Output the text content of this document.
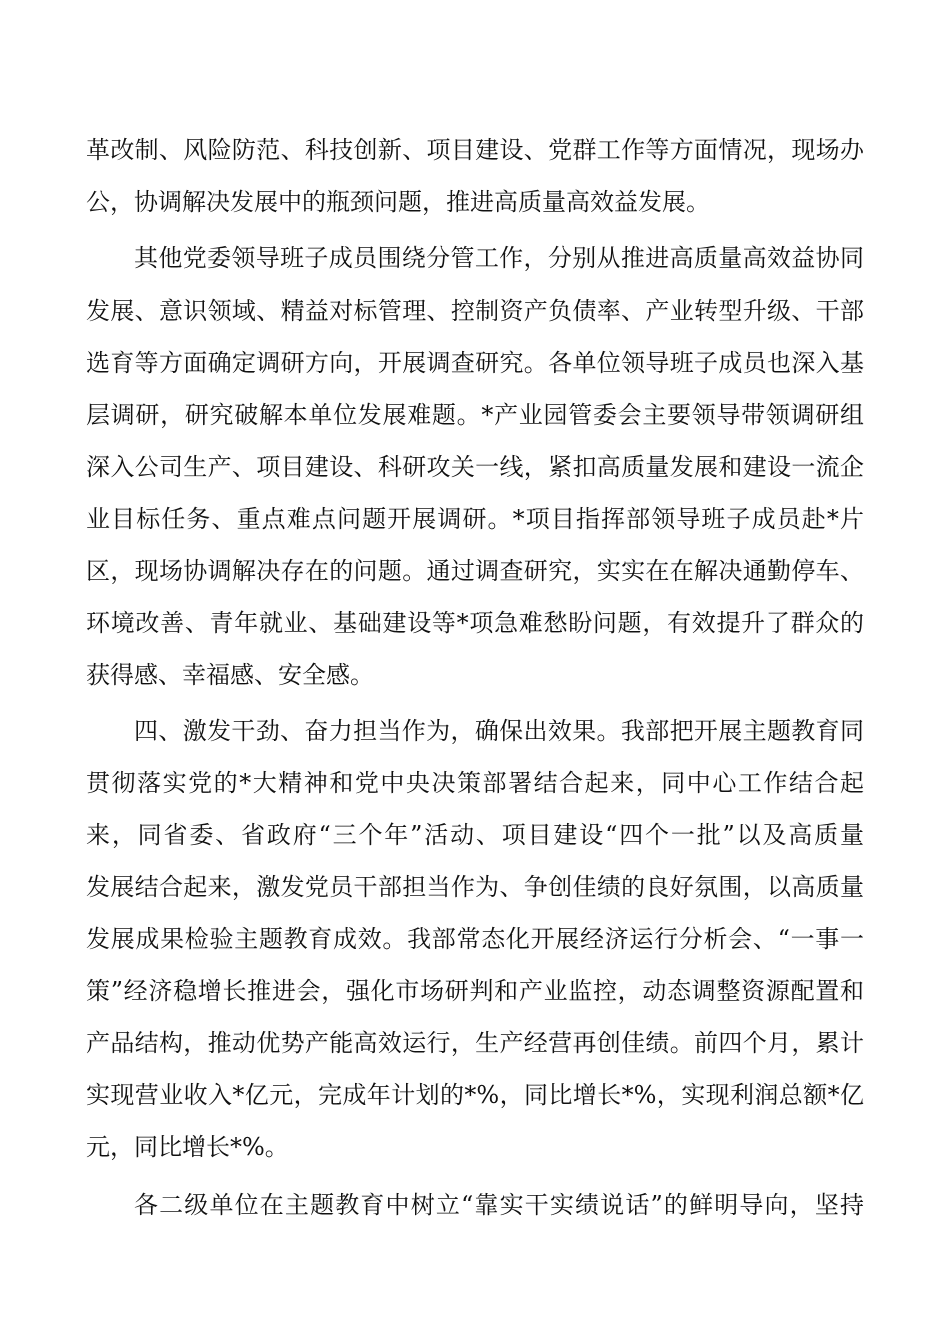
革改制、风险防范、科技创新、项目建设、党群工作等方面情况，现场办
公，协调解决发展中的瓶颈问题，推进高质量高效益发展。
其他党委领导班子成员围绕分管工作，分别从推进高质量高效益协同
发展、意识领域、精益对标管理、控制资产负债率、产业转型升级、干部
选育等方面确定调研方向，开展调查研究。各单位领导班子成员也深入基
层调研，研究破解本单位发展难题。*产业园管委会主要领导带领调研组
深入公司生产、项目建设、科研攻关一线，紧扣高质量发展和建设一流企
业目标任务、重点难点问题开展调研。*项目指挥部领导班子成员赴*片
区，现场协调解决存在的问题。通过调查研究，实实在在解决通勤停车、
环境改善、青年就业、基础建设等*项急难愁盼问题，有效提升了群众的
获得感、幸福感、安全感。
四、激发干劲、奋力担当作为，确保出效果。我部把开展主题教育同
贯彻落实党的*大精神和党中央决策部署结合起来，同中心工作结合起
来，同省委、省政府“三个年”活动、项目建设“四个一批”以及高质量
发展结合起来，激发党员干部担当作为、争创佳绩的良好氛围，以高质量
发展成果检验主题教育成效。我部常态化开展经济运行分析会、“一事一
策”经济稳增长推进会，强化市场研判和产业监控，动态调整资源配置和
产品结构，推动优势产能高效运行，生产经营再创佳绩。前四个月，累计
实现营业收入*亿元，完成年计划的*%，同比增长*%，实现利润总额*亿
元，同比增长*%。
各二级单位在主题教育中树立“靠实干实绩说话”的鲜明导向，坚持
